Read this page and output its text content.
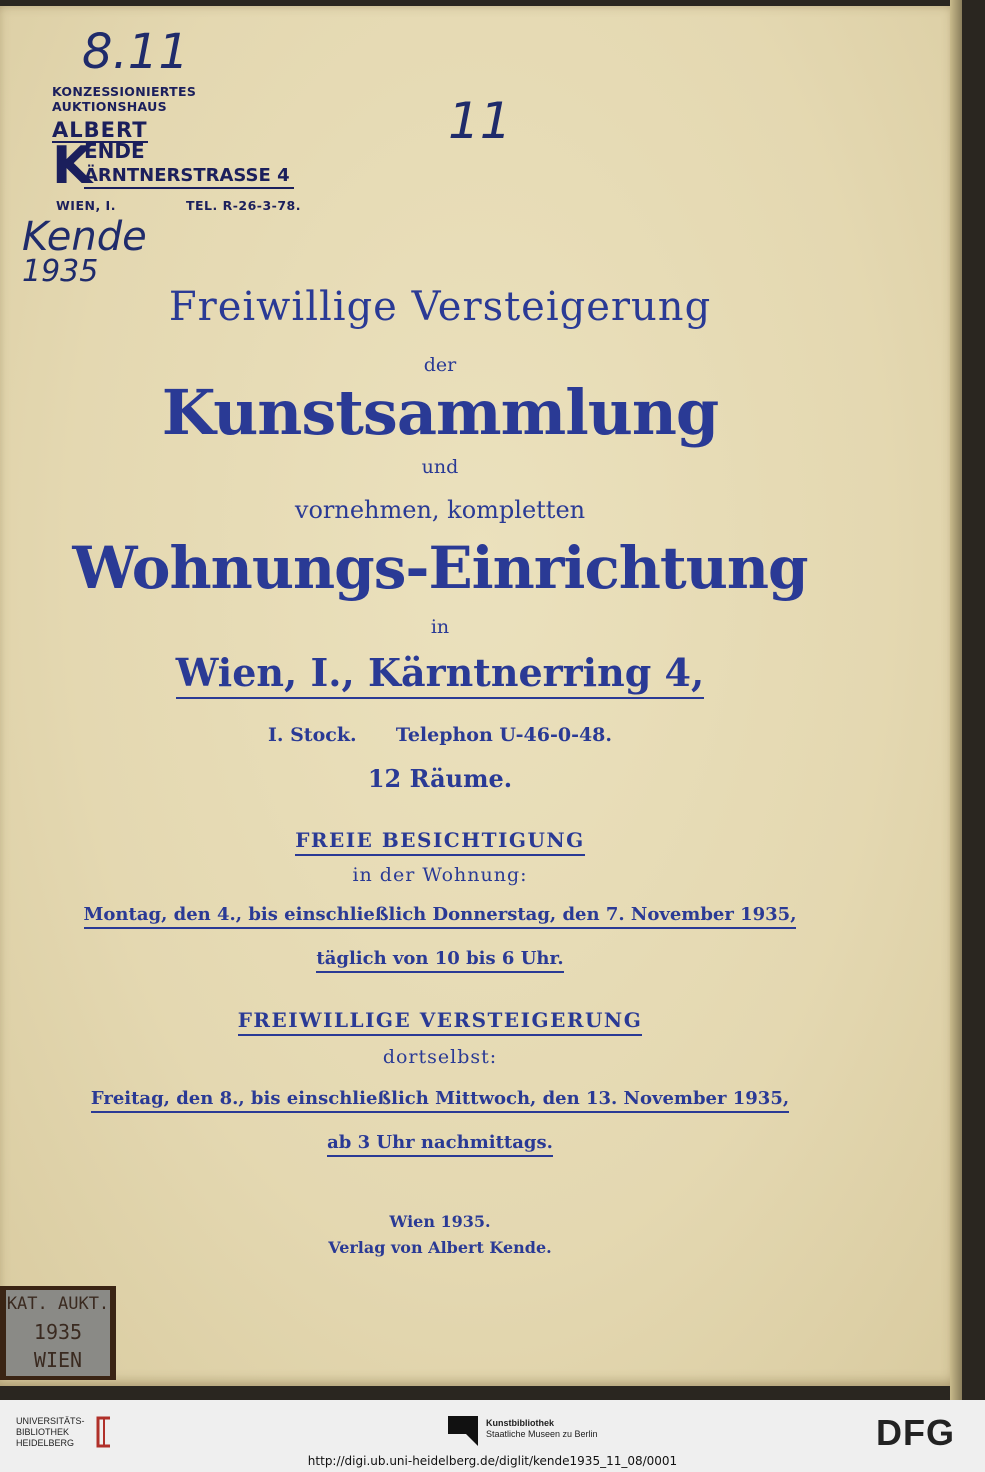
8.11
11
Kende
1935
KONZESSIONIERTES AUKTIONSHAUS
ALBERT
K
ENDE
ÄRNTNERSTRASSE 4
TEL. R-26-3-78.
WIEN, I.
Freiwillige Versteigerung
der
Kunstsammlung
und
vornehmen, kompletten
Wohnungs-Einrichtung
in
Wien, I., Kärntnerring 4,
I. Stock. Telephon U-46-0-48.
12 Räume.
FREIE BESICHTIGUNG
in der Wohnung:
Montag, den 4., bis einschließlich Donnerstag, den 7. November 1935,
täglich von 10 bis 6 Uhr.
FREIWILLIGE VERSTEIGERUNG
dortselbst:
Freitag, den 8., bis einschließlich Mittwoch, den 13. November 1935,
ab 3 Uhr nachmittags.
Wien 1935.
Verlag von Albert Kende.
KAT. AUKT.
1935
WIEN
UNIVERSITÄTS-
BIBLIOTHEK
HEIDELBERG
Kunstbibliothek
Staatliche Museen zu Berlin	DFG
http://digi.ub.uni-heidelberg.de/diglit/kende1935_11_08/0001
